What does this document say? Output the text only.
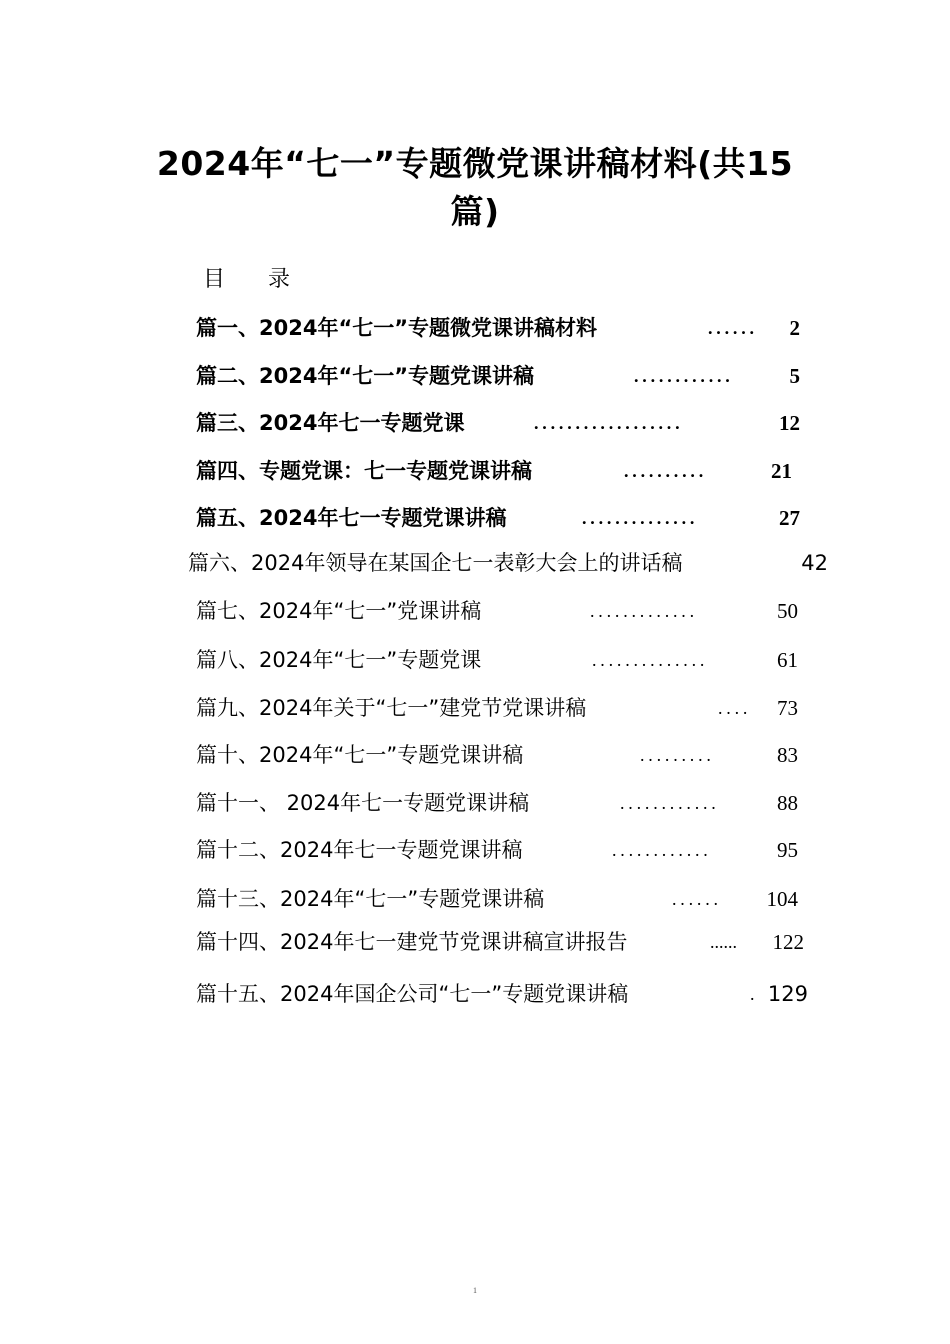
2024年“七一”专题微党课讲稿材料(共15
篇)
目 录
篇一、2024年“七一”专题微党课讲稿材料	...... 2
篇二、2024年“七一”专题党课讲稿	............	5
篇三、2024年七一专题党课	..................	12
篇四、专题党课：七一专题党课讲稿	..........	21
篇五、2024年七一专题党课讲稿	..............	27
篇六、2024年领导在某国企七一表彰大会上的讲话稿	42
篇七、2024年“七一”党课讲稿	.............	50
篇八、2024年“七一”专题党课	..............	61
篇九、2024年关于“七一”建党节党课讲稿	.... 73
篇十、2024年“七一”专题党课讲稿	.........	83
篇十一、 2024年七一专题党课讲稿	............	88
篇十二、2024年七一专题党课讲稿	............	95
篇十三、2024年“七一”专题党课讲稿	...... 104
篇十四、2024年七一建党节党课讲稿宣讲报告	...... 122
篇十五、2024年国企公司“七一”专题党课讲稿	. 129
1
